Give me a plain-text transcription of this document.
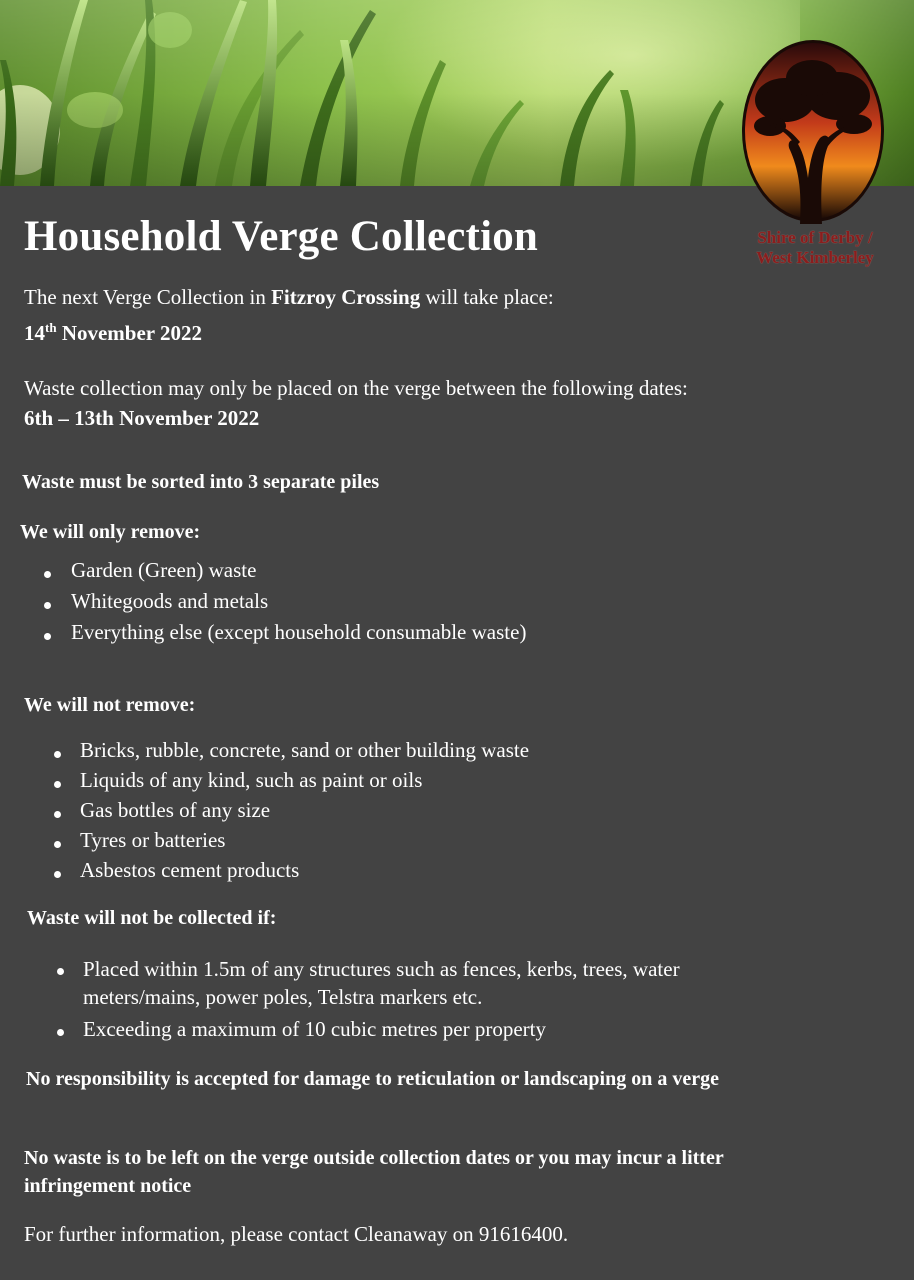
Shire of Derby /
West Kimberley
Household Verge Collection

The next Verge Collection in Fitzroy Crossing will take place:

14th November 2022

Waste collection may only be placed on the verge between the following dates:

6th – 13th November 2022

Waste must be sorted into 3 separate piles

We will only remove:

Garden (Green) waste
Whitegoods and metals
Everything else (except household consumable waste)

We will not remove:

Bricks, rubble, concrete, sand or other building waste
Liquids of any kind, such as paint or oils
Gas bottles of any size
Tyres or batteries
Asbestos cement products

Waste will not be collected if:

Placed within 1.5m of any structures such as fences, kerbs, trees, water meters/mains, power poles, Telstra markers etc.
Exceeding a maximum of 10 cubic metres per property

No responsibility is accepted for damage to reticulation or landscaping on a verge

No waste is to be left on the verge outside collection dates or you may incur a litter infringement notice

For further information, please contact Cleanaway on 91616400.
